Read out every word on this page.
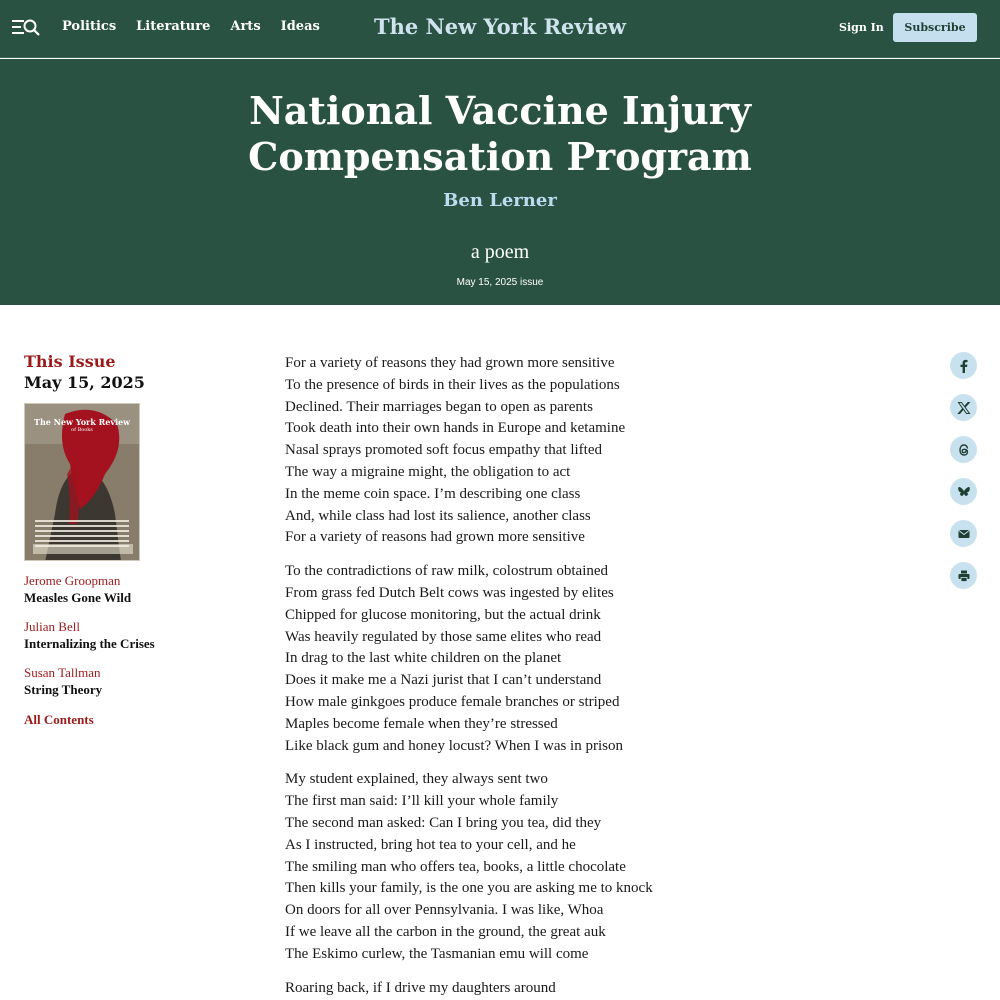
Politics Literature Arts Ideas	The New York Review	Sign In	Subscribe
National Vaccine Injury Compensation Program
Ben Lerner
a poem
May 15, 2025 issue
This Issue
May 15, 2025
The New York Review
of Books
Jerome Groopman
Measles Gone Wild
Julian Bell
Internalizing the Crises
Susan Tallman
String Theory
All Contents
For a variety of reasons they had grown more sensitive
To the presence of birds in their lives as the populations
Declined. Their marriages began to open as parents
Took death into their own hands in Europe and ketamine
Nasal sprays promoted soft focus empathy that lifted
The way a migraine might, the obligation to act
In the meme coin space. I’m describing one class
And, while class had lost its salience, another class
For a variety of reasons had grown more sensitive
To the contradictions of raw milk, colostrum obtained
From grass fed Dutch Belt cows was ingested by elites
Chipped for glucose monitoring, but the actual drink
Was heavily regulated by those same elites who read
In drag to the last white children on the planet
Does it make me a Nazi jurist that I can’t understand
How male ginkgoes produce female branches or striped
Maples become female when they’re stressed
Like black gum and honey locust? When I was in prison
My student explained, they always sent two
The first man said: I’ll kill your whole family
The second man asked: Can I bring you tea, did they
As I instructed, bring hot tea to your cell, and he
The smiling man who offers tea, books, a little chocolate
Then kills your family, is the one you are asking me to knock
On doors for all over Pennsylvania. I was like, Whoa
If we leave all the carbon in the ground, the great auk
The Eskimo curlew, the Tasmanian emu will come
Roaring back, if I drive my daughters around
